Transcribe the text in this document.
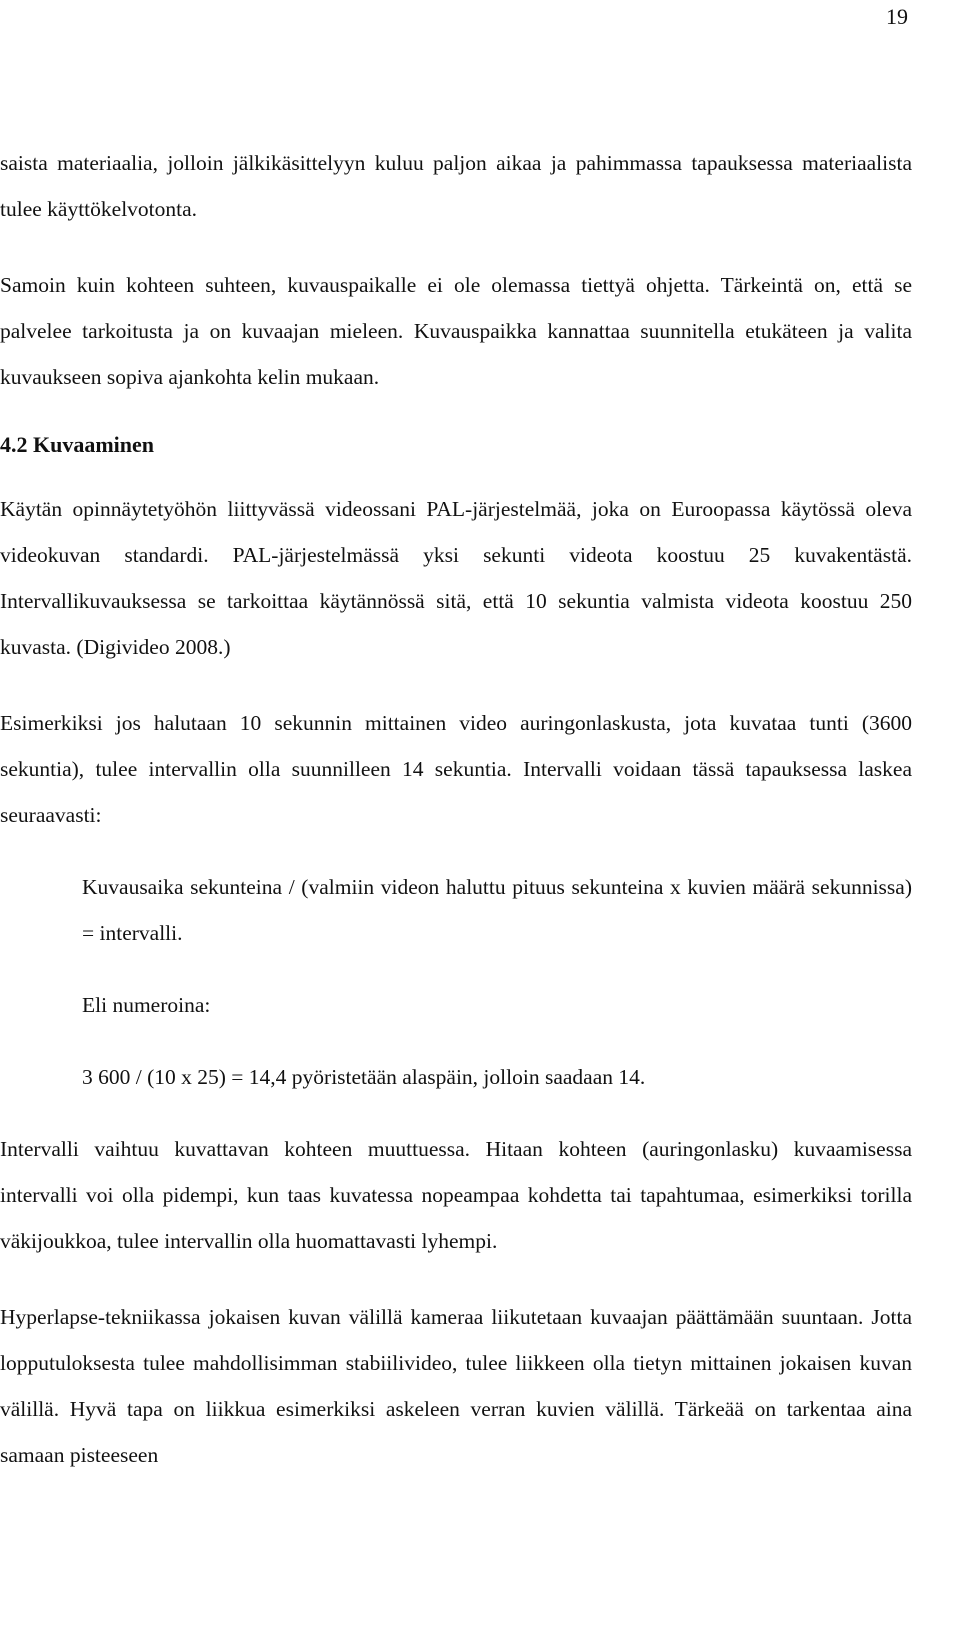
19

saista materiaalia, jolloin jälkikäsittelyyn kuluu paljon aikaa ja pahimmassa tapauksessa materiaalista tulee käyttökelvotonta.

Samoin kuin kohteen suhteen, kuvauspaikalle ei ole olemassa tiettyä ohjetta. Tärkeintä on, että se palvelee tarkoitusta ja on kuvaajan mieleen. Kuvauspaikka kannattaa suunnitella etukäteen ja valita kuvaukseen sopiva ajankohta kelin mukaan.

4.2 Kuvaaminen

Käytän opinnäytetyöhön liittyvässä videossani PAL-järjestelmää, joka on Euroopassa käytössä oleva videokuvan standardi. PAL-järjestelmässä yksi sekunti videota koostuu 25 kuvakentästä. Intervallikuvauksessa se tarkoittaa käytännössä sitä, että 10 sekuntia valmista videota koostuu 250 kuvasta. (Digivideo 2008.)

Esimerkiksi jos halutaan 10 sekunnin mittainen video auringonlaskusta, jota kuvataa tunti (3600 sekuntia), tulee intervallin olla suunnilleen 14 sekuntia. Intervalli voidaan tässä tapauksessa laskea seuraavasti:

Kuvausaika sekunteina / (valmiin videon haluttu pituus sekunteina x kuvien määrä sekunnissa) = intervalli.

Eli numeroina:

3 600 / (10 x 25) = 14,4 pyöristetään alaspäin, jolloin saadaan 14.

Intervalli vaihtuu kuvattavan kohteen muuttuessa. Hitaan kohteen (auringonlasku) kuvaamisessa intervalli voi olla pidempi, kun taas kuvatessa nopeampaa kohdetta tai tapahtumaa, esimerkiksi torilla väkijoukkoa, tulee intervallin olla huomattavasti lyhempi.

Hyperlapse-tekniikassa jokaisen kuvan välillä kameraa liikutetaan kuvaajan päättämään suuntaan. Jotta lopputuloksesta tulee mahdollisimman stabiilivideo, tulee liikkeen olla tietyn mittainen jokaisen kuvan välillä. Hyvä tapa on liikkua esimerkiksi askeleen verran kuvien välillä. Tärkeää on tarkentaa aina samaan pisteeseen
